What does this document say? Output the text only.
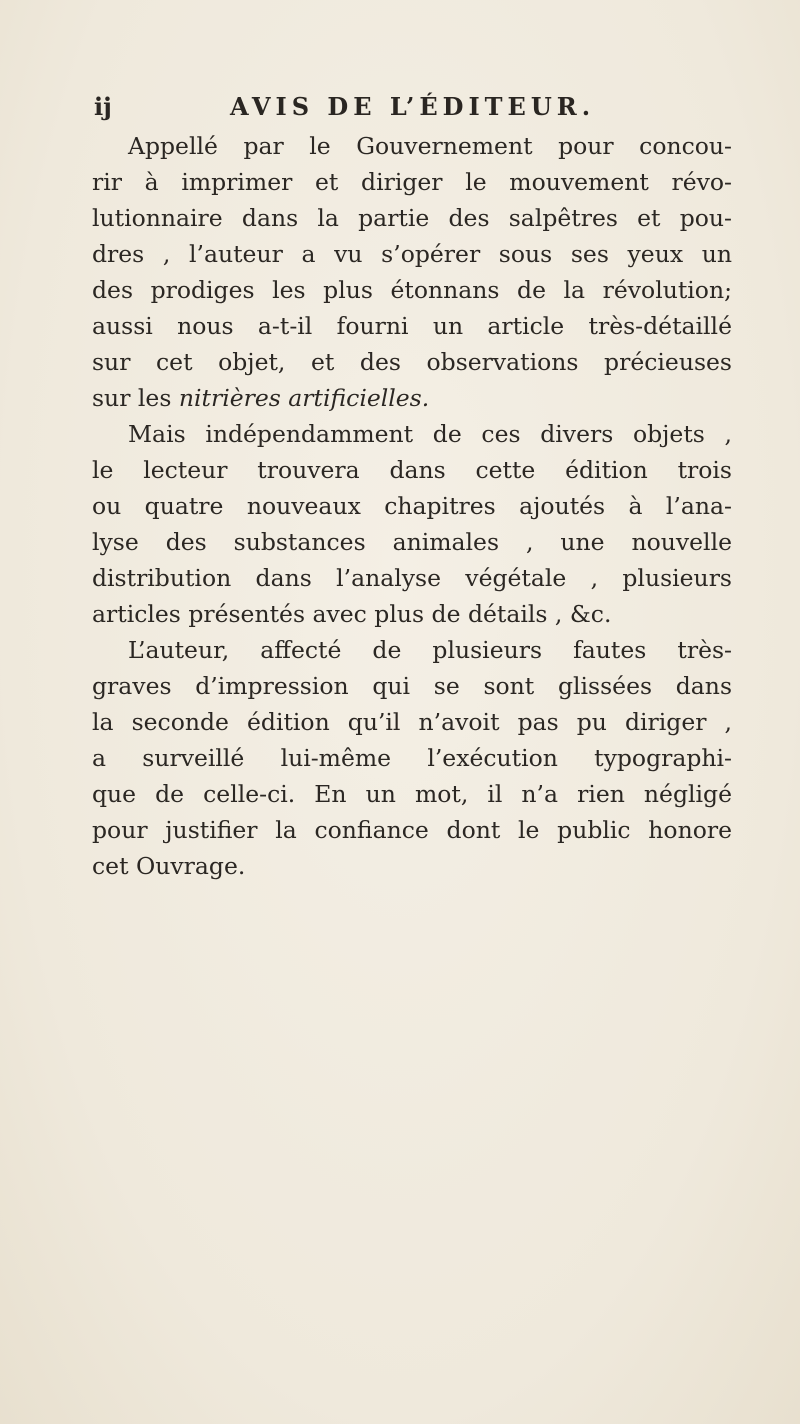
ij	AVIS DE L’ÉDITEUR.
Appellé par le Gouvernement pour concou-
rir à imprimer et diriger le mouvement révo-
lutionnaire dans la partie des salpêtres et pou-
dres , l’auteur a vu s’opérer sous ses yeux un
des prodiges les plus étonnans de la révolution;
aussi nous a-t-il fourni un article très-détaillé
sur cet objet, et des observations précieuses
sur les nitrières artificielles.
Mais indépendamment de ces divers objets ,
le lecteur trouvera dans cette édition trois
ou quatre nouveaux chapitres ajoutés à l’ana-
lyse des substances animales , une nouvelle
distribution dans l’analyse végétale , plusieurs
articles présentés avec plus de détails , &c.
L’auteur, affecté de plusieurs fautes très-
graves d’impression qui se sont glissées dans
la seconde édition qu’il n’avoit pas pu diriger ,
a surveillé lui-même l’exécution typographi-
que de celle-ci. En un mot, il n’a rien négligé
pour justifier la confiance dont le public honore
cet Ouvrage.
